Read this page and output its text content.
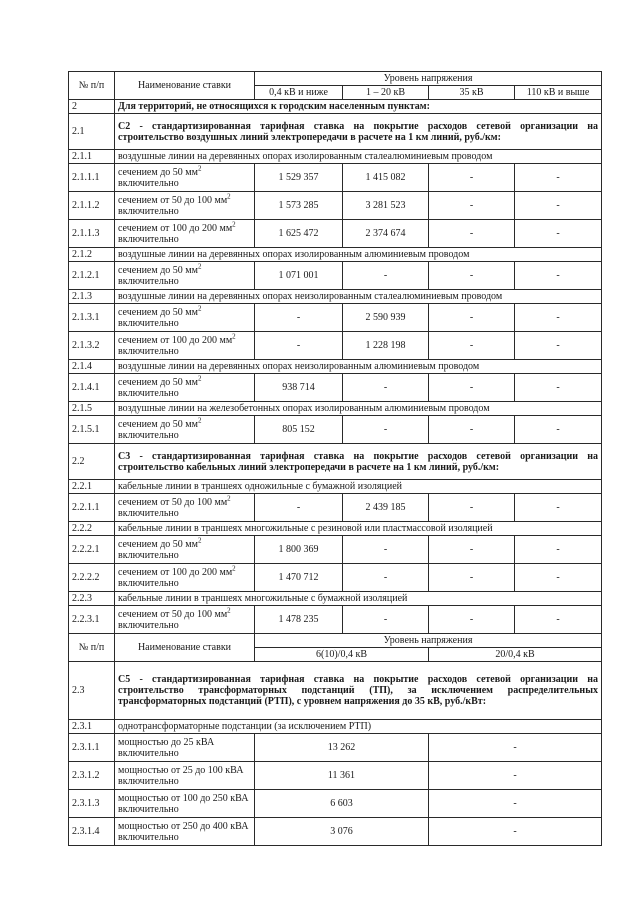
№ п/п	Наименование ставки	Уровень напряжения			
		0,4 кВ и ниже	1 – 20 кВ	35 кВ	110 кВ и выше
2	Для территорий, не относящихся к городским населенным пунктам:				
2.1	С2 - стандартизированная тарифная ставка на покрытие расходов сетевой организации на строительство воздушных линий электропередачи в расчете на 1 км линий, руб./км:				
2.1.1	воздушные линии на деревянных опорах изолированным сталеалюминиевым проводом				
2.1.1.1	сечением до 50 $мм^2$ включительно	1 529 357	1 415 082	-	-
2.1.1.2	сечением от 50 до 100 $мм^2$ включительно	1 573 285	3 281 523	-	-
2.1.1.3	сечением от 100 до 200 $мм^2$ включительно	1 625 472	2 374 674	-	-
2.1.2	воздушные линии на деревянных опорах изолированным алюминиевым проводом				
2.1.2.1	сечением до 50 $мм^2$ включительно	1 071 001	-	-	-
2.1.3	воздушные линии на деревянных опорах неизолированным сталеалюминиевым проводом				
2.1.3.1	сечением до 50 $мм^2$ включительно	-	2 590 939	-	-
2.1.3.2	сечением от 100 до 200 $мм^2$ включительно	-	1 228 198	-	-
2.1.4	воздушные линии на деревянных опорах неизолированным алюминиевым проводом				
2.1.4.1	сечением до 50 $мм^2$ включительно	938 714	-	-	-
2.1.5	воздушные линии на железобетонных опорах изолированным алюминиевым проводом				
2.1.5.1	сечением до 50 $мм^2$ включительно	805 152	-	-	-
2.2	С3 - стандартизированная тарифная ставка на покрытие расходов сетевой организации на строительство кабельных линий электропередачи в расчете на 1 км линий, руб./км:				
2.2.1	кабельные линии в траншеях одножильные с бумажной изоляцией				
2.2.1.1	сечением от 50 до 100 $мм^2$ включительно	-	2 439 185	-	-
2.2.2	кабельные линии в траншеях многожильные с резиновой или пластмассовой изоляцией				
2.2.2.1	сечением до 50 $мм^2$ включительно	1 800 369	-	-	-
2.2.2.2	сечением от 100 до 200 $мм^2$ включительно	1 470 712	-	-	-
2.2.3	кабельные линии в траншеях многожильные с бумажной изоляцией				
2.2.3.1	сечением от 50 до 100 $мм^2$ включительно	1 478 235	-	-	-
№ п/п	Наименование ставки	Уровень напряжения	
		6(10)/0,4 кВ	20/0,4 кВ
2.3	С5 - стандартизированная тарифная ставка на покрытие расходов сетевой организации на строительство трансформаторных подстанций (ТП), за исключением распределительных трансформаторных подстанций (РТП), с уровнем напряжения до 35 кВ, руб./кВт:		
2.3.1	однотрансформаторные подстанции (за исключением РТП)		
2.3.1.1	мощностью до 25 кВА включительно	13 262	-
2.3.1.2	мощностью от 25 до 100 кВА включительно	11 361	-
2.3.1.3	мощностью от 100 до 250 кВА включительно	6 603	-
2.3.1.4	мощностью от 250 до 400 кВА включительно	3 076	-
